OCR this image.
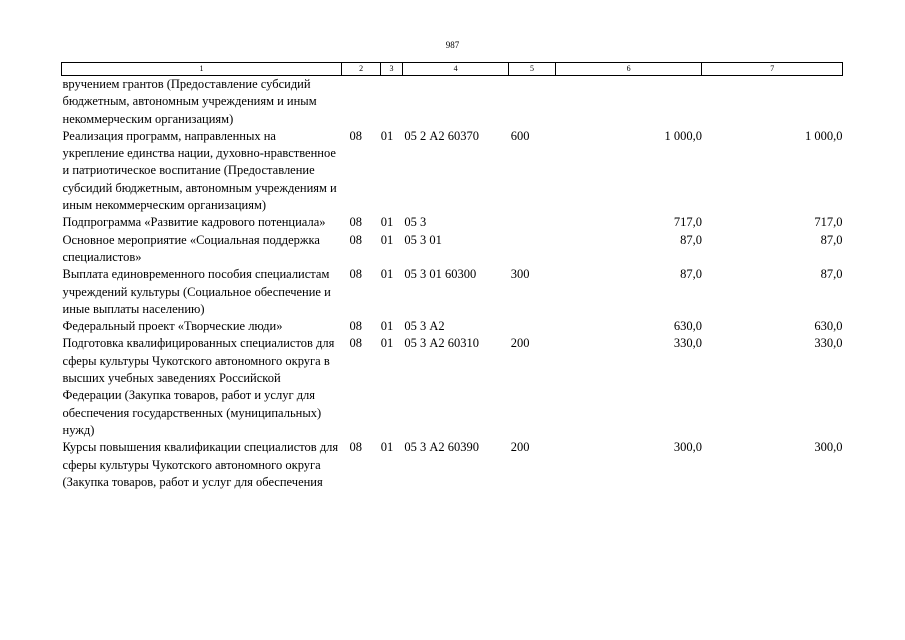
987
1	2	3	4	5	6	7
вручением грантов (Предоставление субсидий бюджетным, автономным учреждениям и иным некоммерческим организациям)						
Реализация программ, направленных на укрепление единства нации, духовно-нравственное и патриотическое воспитание (Предоставление субсидий бюджетным, автономным учреждениям и иным некоммерческим организациям)	08	01	05 2 А2 60370	600	1 000,0	1 000,0
Подпрограмма «Развитие кадрового потенциала»	08	01	05 3		717,0	717,0
Основное мероприятие «Социальная поддержка специалистов»	08	01	05 3 01		87,0	87,0
Выплата единовременного пособия специалистам учреждений культуры (Социальное обеспечение и иные выплаты населению)	08	01	05 3 01 60300	300	87,0	87,0
Федеральный проект «Творческие люди»	08	01	05 3 А2		630,0	630,0
Подготовка квалифицированных специалистов для сферы культуры Чукотского автономного округа в высших учебных заведениях Российской Федерации (Закупка товаров, работ и услуг для обеспечения государственных (муниципальных) нужд)	08	01	05 3 А2 60310	200	330,0	330,0
Курсы повышения квалификации специалистов для сферы культуры Чукотского автономного округа (Закупка товаров, работ и услуг для обеспечения	08	01	05 3 А2 60390	200	300,0	300,0
